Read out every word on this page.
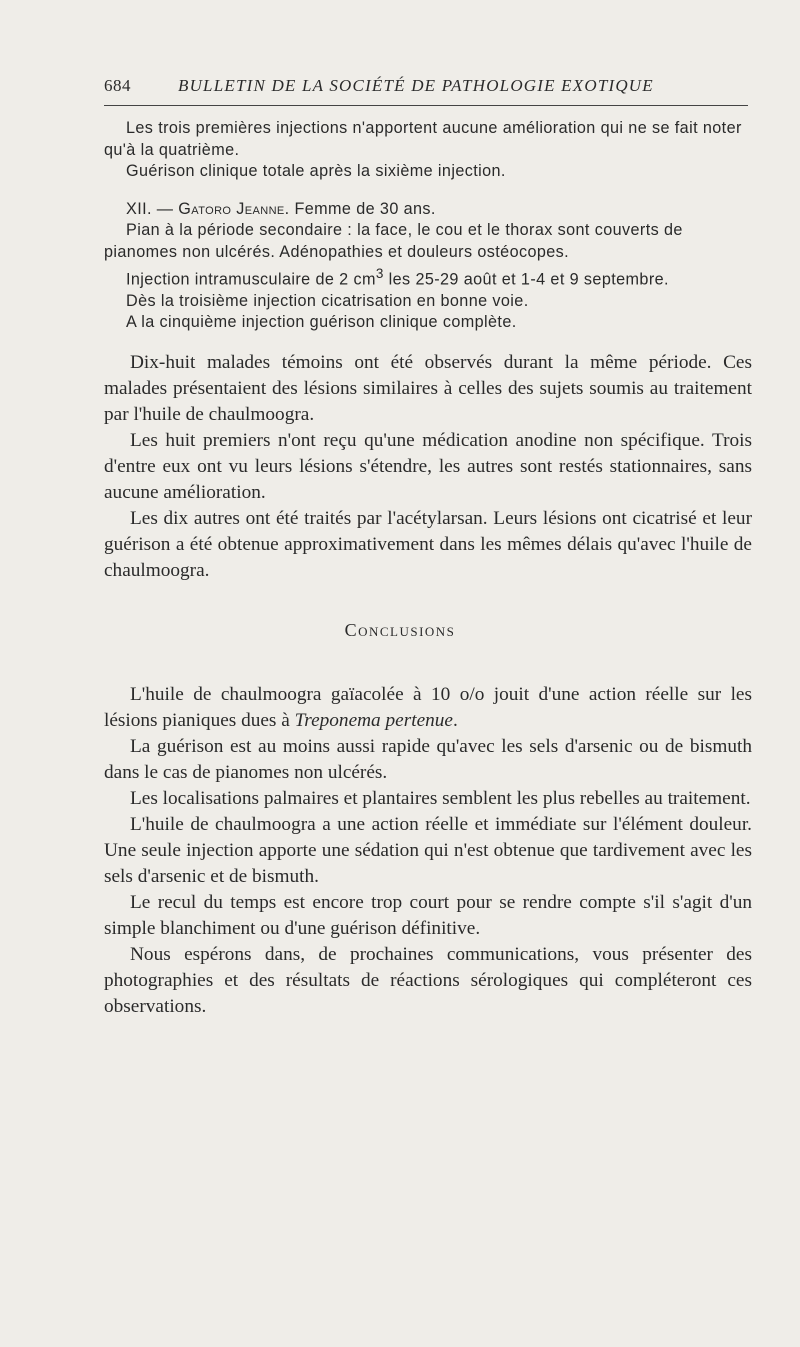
684	BULLETIN DE LA SOCIÉTÉ DE PATHOLOGIE EXOTIQUE

Les trois premières injections n'apportent aucune amélioration qui ne se fait noter qu'à la quatrième.

Guérison clinique totale après la sixième injection.

XII. — Gatoro Jeanne. Femme de 30 ans.

Pian à la période secondaire : la face, le cou et le thorax sont couverts de pianomes non ulcérés. Adénopathies et douleurs ostéocopes.

Injection intramusculaire de 2 $cm^3$ les 25-29 août et 1-4 et 9 septembre.

Dès la troisième injection cicatrisation en bonne voie.

A la cinquième injection guérison clinique complète.

Dix-huit malades témoins ont été observés durant la même période. Ces malades présentaient des lésions similaires à celles des sujets soumis au traitement par l'huile de chaulmoogra.

Les huit premiers n'ont reçu qu'une médication anodine non spécifique. Trois d'entre eux ont vu leurs lésions s'étendre, les autres sont restés stationnaires, sans aucune amélioration.

Les dix autres ont été traités par l'acétylarsan. Leurs lésions ont cicatrisé et leur guérison a été obtenue approximativement dans les mêmes délais qu'avec l'huile de chaulmoogra.

Conclusions

L'huile de chaulmoogra gaïacolée à 10 o/o jouit d'une action réelle sur les lésions pianiques dues à Treponema pertenue.

La guérison est au moins aussi rapide qu'avec les sels d'arsenic ou de bismuth dans le cas de pianomes non ulcérés.

Les localisations palmaires et plantaires semblent les plus rebelles au traitement.

L'huile de chaulmoogra a une action réelle et immédiate sur l'élément douleur. Une seule injection apporte une sédation qui n'est obtenue que tardivement avec les sels d'arsenic et de bismuth.

Le recul du temps est encore trop court pour se rendre compte s'il s'agit d'un simple blanchiment ou d'une guérison définitive.

Nous espérons dans, de prochaines communications, vous présenter des photographies et des résultats de réactions sérologiques qui compléteront ces observations.
